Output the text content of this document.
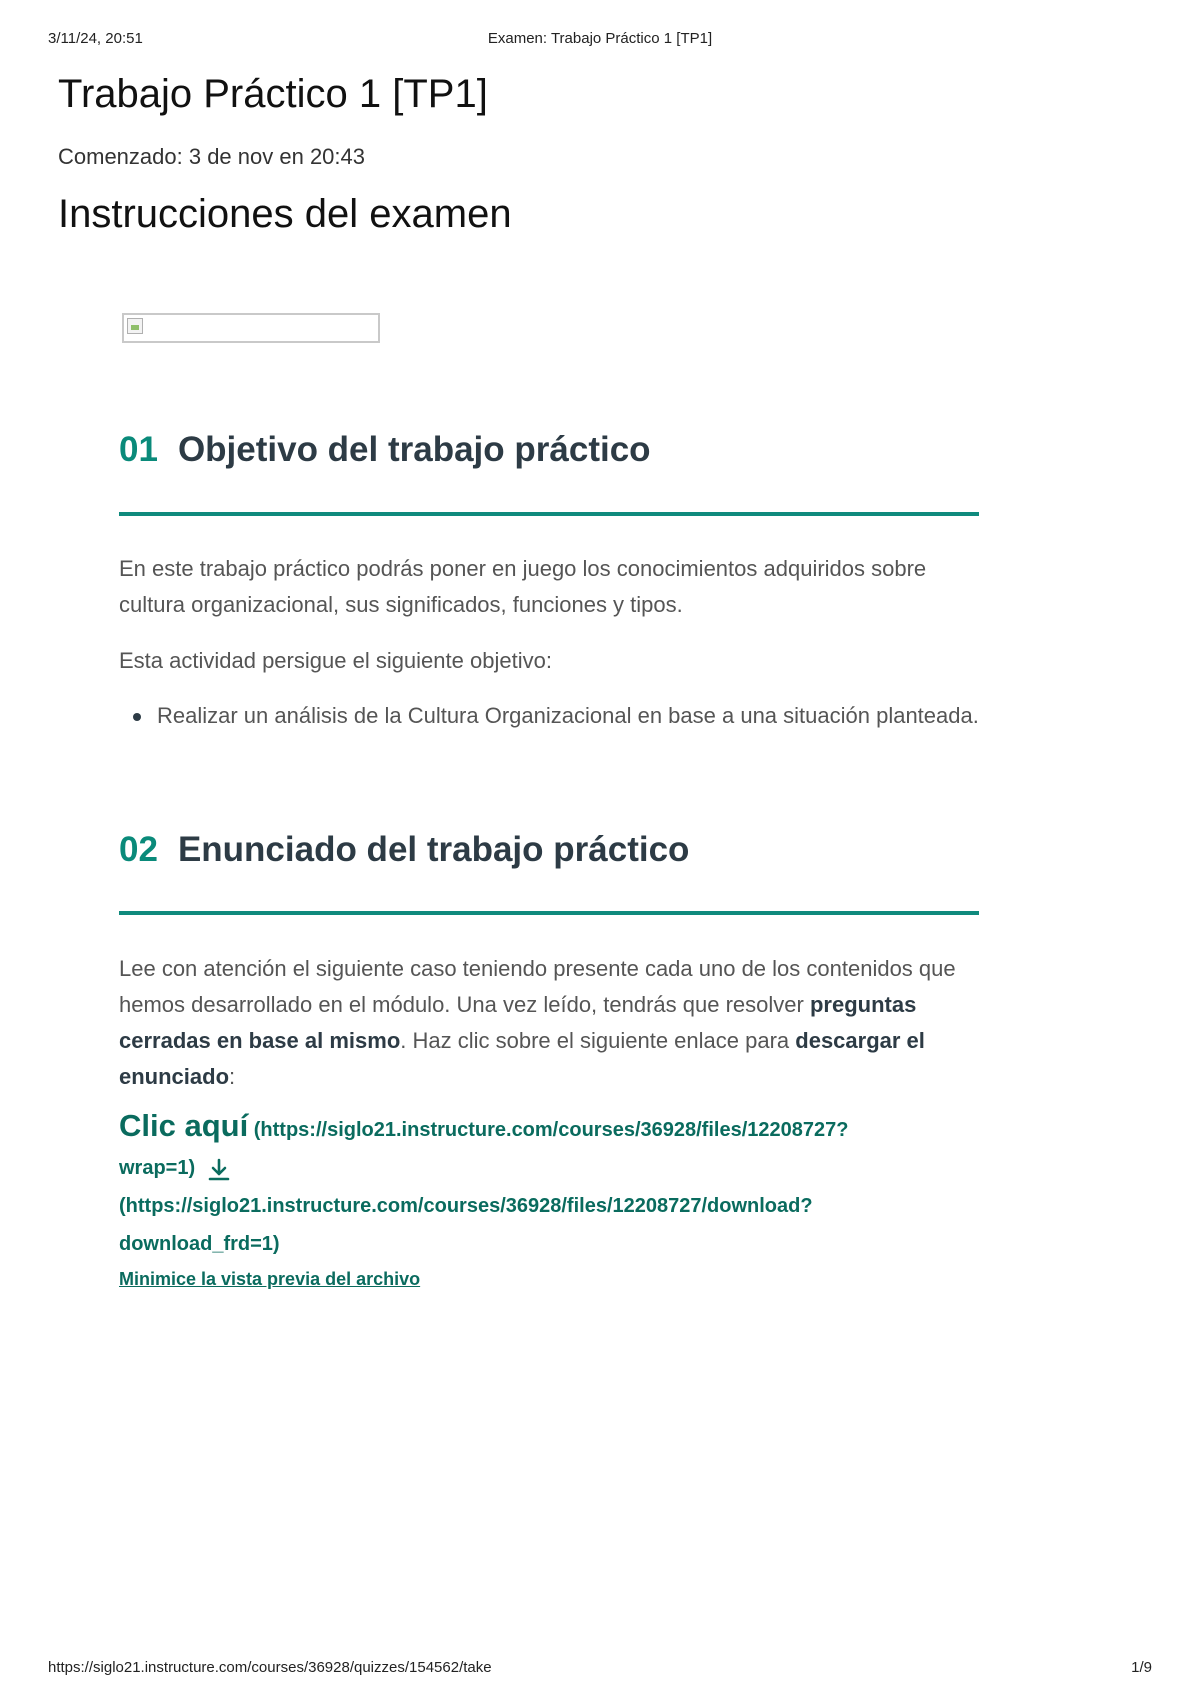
3/11/24, 20:51	Examen: Trabajo Práctico 1 [TP1]
Trabajo Práctico 1 [TP1]

Comenzado: 3 de nov en 20:43

Instrucciones del examen
01 Objetivo del trabajo práctico

En este trabajo práctico podrás poner en juego los conocimientos adquiridos sobre cultura organizacional, sus significados, funciones y tipos.

Esta actividad persigue el siguiente objetivo:

Realizar un análisis de la Cultura Organizacional en base a una situación planteada.
02 Enunciado del trabajo práctico

Lee con atención el siguiente caso teniendo presente cada uno de los contenidos que hemos desarrollado en el módulo. Una vez leído, tendrás que resolver preguntas cerradas en base al mismo. Haz clic sobre el siguiente enlace para descargar el enunciado:

Clic aquí (https://siglo21.instructure.com/courses/36928/files/12208727?
wrap=1)
(https://siglo21.instructure.com/courses/36928/files/12208727/download?
download_frd=1)
Minimice la vista previa del archivo
https://siglo21.instructure.com/courses/36928/quizzes/154562/take	1/9
